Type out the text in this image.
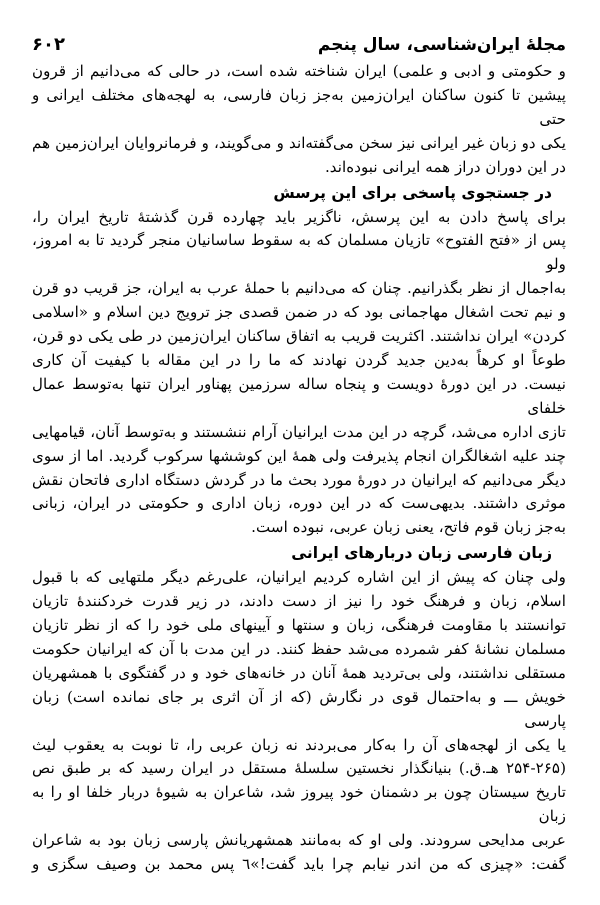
مجلهٔ ایران‌شناسی، سال پنجم
۶۰۲

و حکومتی و ادبی و علمی) ایران شناخته شده است، در حالی که می‌دانیم از قرون
پیشین تا کنون ساکنان ایران‌زمین به‌جز زبان فارسی، به لهجه‌های مختلف ایرانی و حتی
یکی دو زبان غیر ایرانی نیز سخن می‌گفته‌اند و می‌گویند، و فرمانروایان ایران‌زمین هم
در این دوران دراز همه ایرانی نبوده‌اند.

در جستجوی پاسخی برای این پرسش

برای پاسخ دادن به این پرسش، ناگزیر باید چهارده قرن گذشتهٔ تاریخ ایران را،
پس از «فتح الفتوح» تازیان مسلمان که به سقوط ساسانیان منجر گردید تا به امروز، ولو
به‌اجمال از نظر بگذرانیم. چنان که می‌دانیم با حملهٔ عرب به ایران، جز قریب دو قرن
و نیم تحت اشغال مهاجمانی بود که در ضمن قصدی جز ترویج دین اسلام و «اسلامی
کردن» ایران نداشتند. اکثریت قریب به اتفاق ساکنان ایران‌زمین در طی یکی دو قرن،
طوعاً او کرهاً به‌دین جدید گردن نهادند که ما را در این مقاله با کیفیت آن کاری
نیست. در این دورهٔ دویست و پنجاه ساله سرزمین پهناور ایران تنها به‌توسط عمال خلفای
تازی اداره می‌شد، گرچه در این مدت ایرانیان آرام ننشستند و به‌توسط آنان، قیامهایی
چند علیه اشغالگران انجام پذیرفت ولی همهٔ این کوششها سرکوب گردید. اما از سوی
دیگر می‌دانیم که ایرانیان در دورهٔ مورد بحث ما در گردش دستگاه اداری فاتحان نقش
موثری داشتند. بدیهی‌ست که در این دوره، زبان اداری و حکومتی در ایران، زبانی
به‌جز زبان قوم فاتح، یعنی زبان عربی، نبوده است.

زبان فارسی زبان دربارهای ایرانی

ولی چنان که پیش از این اشاره کردیم ایرانیان، علی‌رغم دیگر ملتهایی که با قبول
اسلام، زبان و فرهنگ خود را نیز از دست دادند، در زیر قدرت خردکنندهٔ تازیان
توانستند با مقاومت فرهنگی، زبان و سنتها و آیینهای ملی خود را که از نظر تازیان
مسلمان نشانهٔ کفر شمرده می‌شد حفظ کنند. در این مدت با آن که ایرانیان حکومت
مستقلی نداشتند، ولی بی‌تردید همهٔ آنان در خانه‌های خود و در گفتگوی با همشهریان
خویش ـــ و به‌احتمال قوی در نگارش (که از آن اثری بر جای نمانده است) زبان پارسی
یا یکی از لهجه‌های آن را به‌کار می‌بردند نه زبان عربی را، تا نوبت به یعقوب لیث
(۲۵۴-۲۶۵ هـ.ق.) بنیانگذار نخستین سلسلهٔ مستقل در ایران رسید که بر طبق نص
تاریخ سیستان چون بر دشمنان خود پیروز شد، شاعران به شیوهٔ دربار خلفا او را به زبان
عربی مدایحی سرودند. ولی او که به‌مانند همشهریانش پارسی زبان بود به شاعران
گفت: «چیزی که من اندر نیابم چرا باید گفت!»٦ پس محمد بن وصیف سگزی و
